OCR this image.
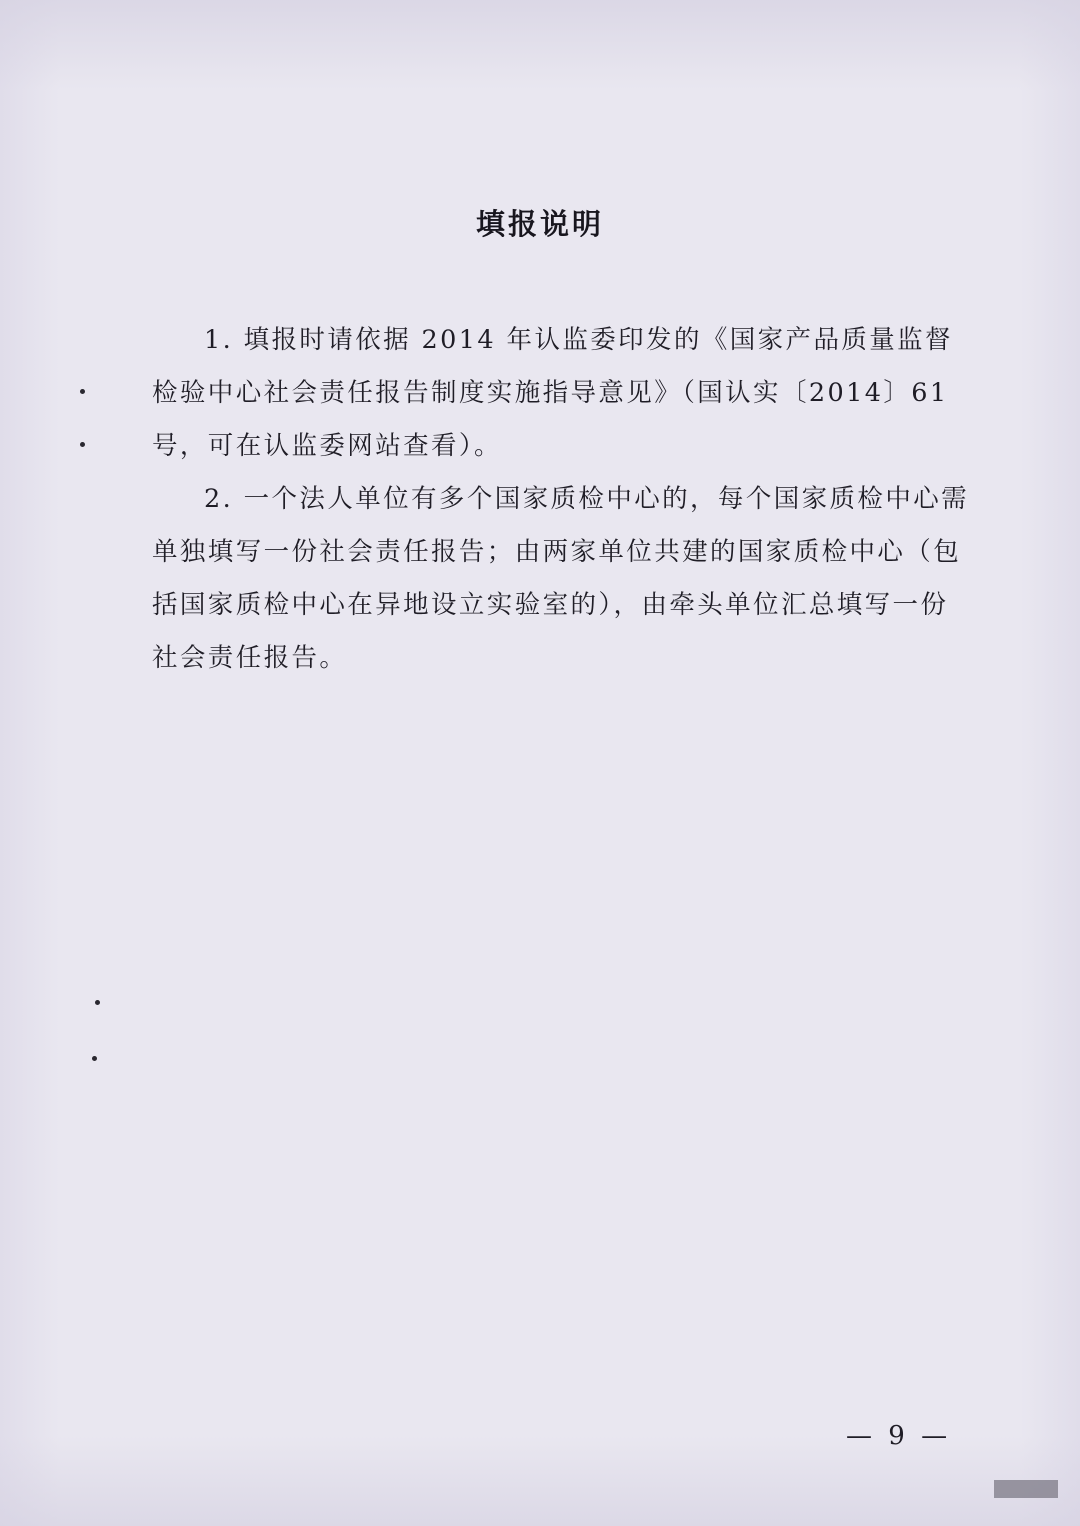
填报说明

1. 填报时请依据 2014 年认监委印发的《国家产品质量监督检验中心社会责任报告制度实施指导意见》（国认实〔2014〕61 号，可在认监委网站查看）。

2. 一个法人单位有多个国家质检中心的，每个国家质检中心需单独填写一份社会责任报告；由两家单位共建的国家质检中心（包括国家质检中心在异地设立实验室的），由牵头单位汇总填写一份社会责任报告。

— 9 —
